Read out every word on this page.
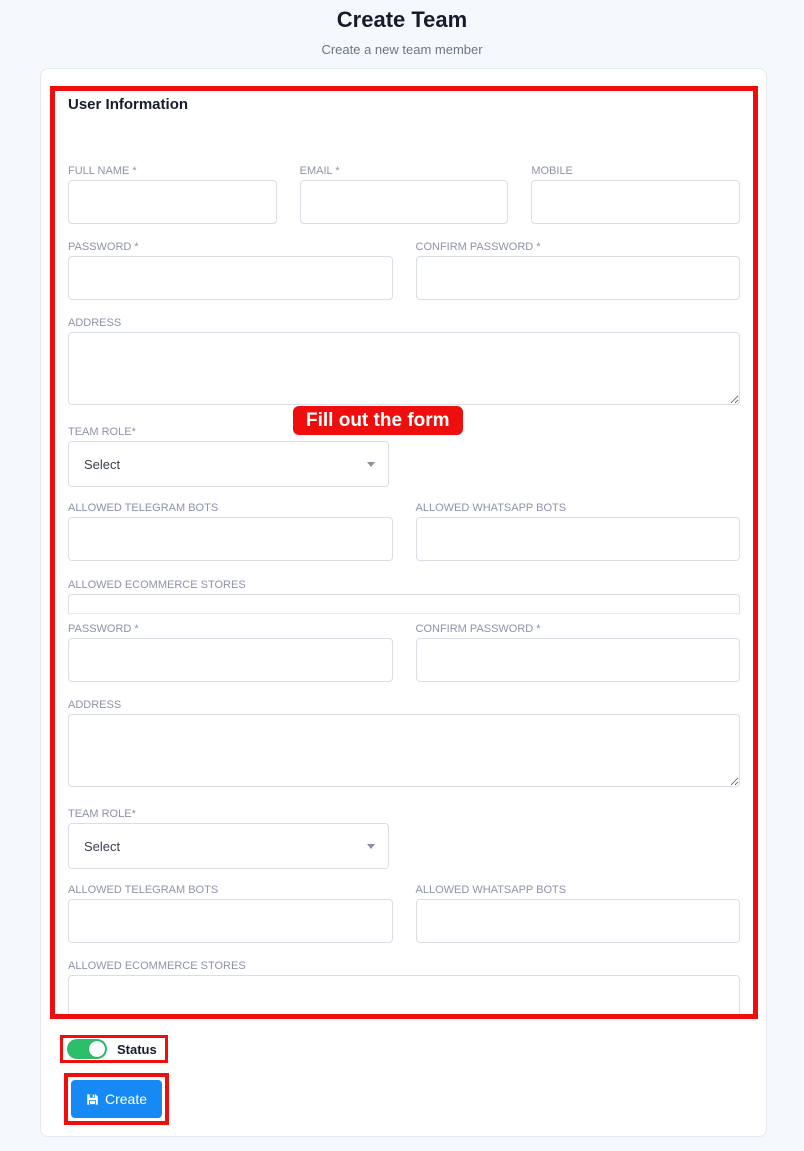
Create Team
Create a new team member
User Information
FULL NAME *	EMAIL *	MOBILE
PASSWORD *	CONFIRM PASSWORD *
ADDRESS
TEAM ROLE*
Select
ALLOWED TELEGRAM BOTS	ALLOWED WHATSAPP BOTS
ALLOWED ECOMMERCE STORES
PASSWORD *	CONFIRM PASSWORD *
ADDRESS
TEAM ROLE*
Select
ALLOWED TELEGRAM BOTS	ALLOWED WHATSAPP BOTS
ALLOWED ECOMMERCE STORES
Fill out the form
Status
Create
